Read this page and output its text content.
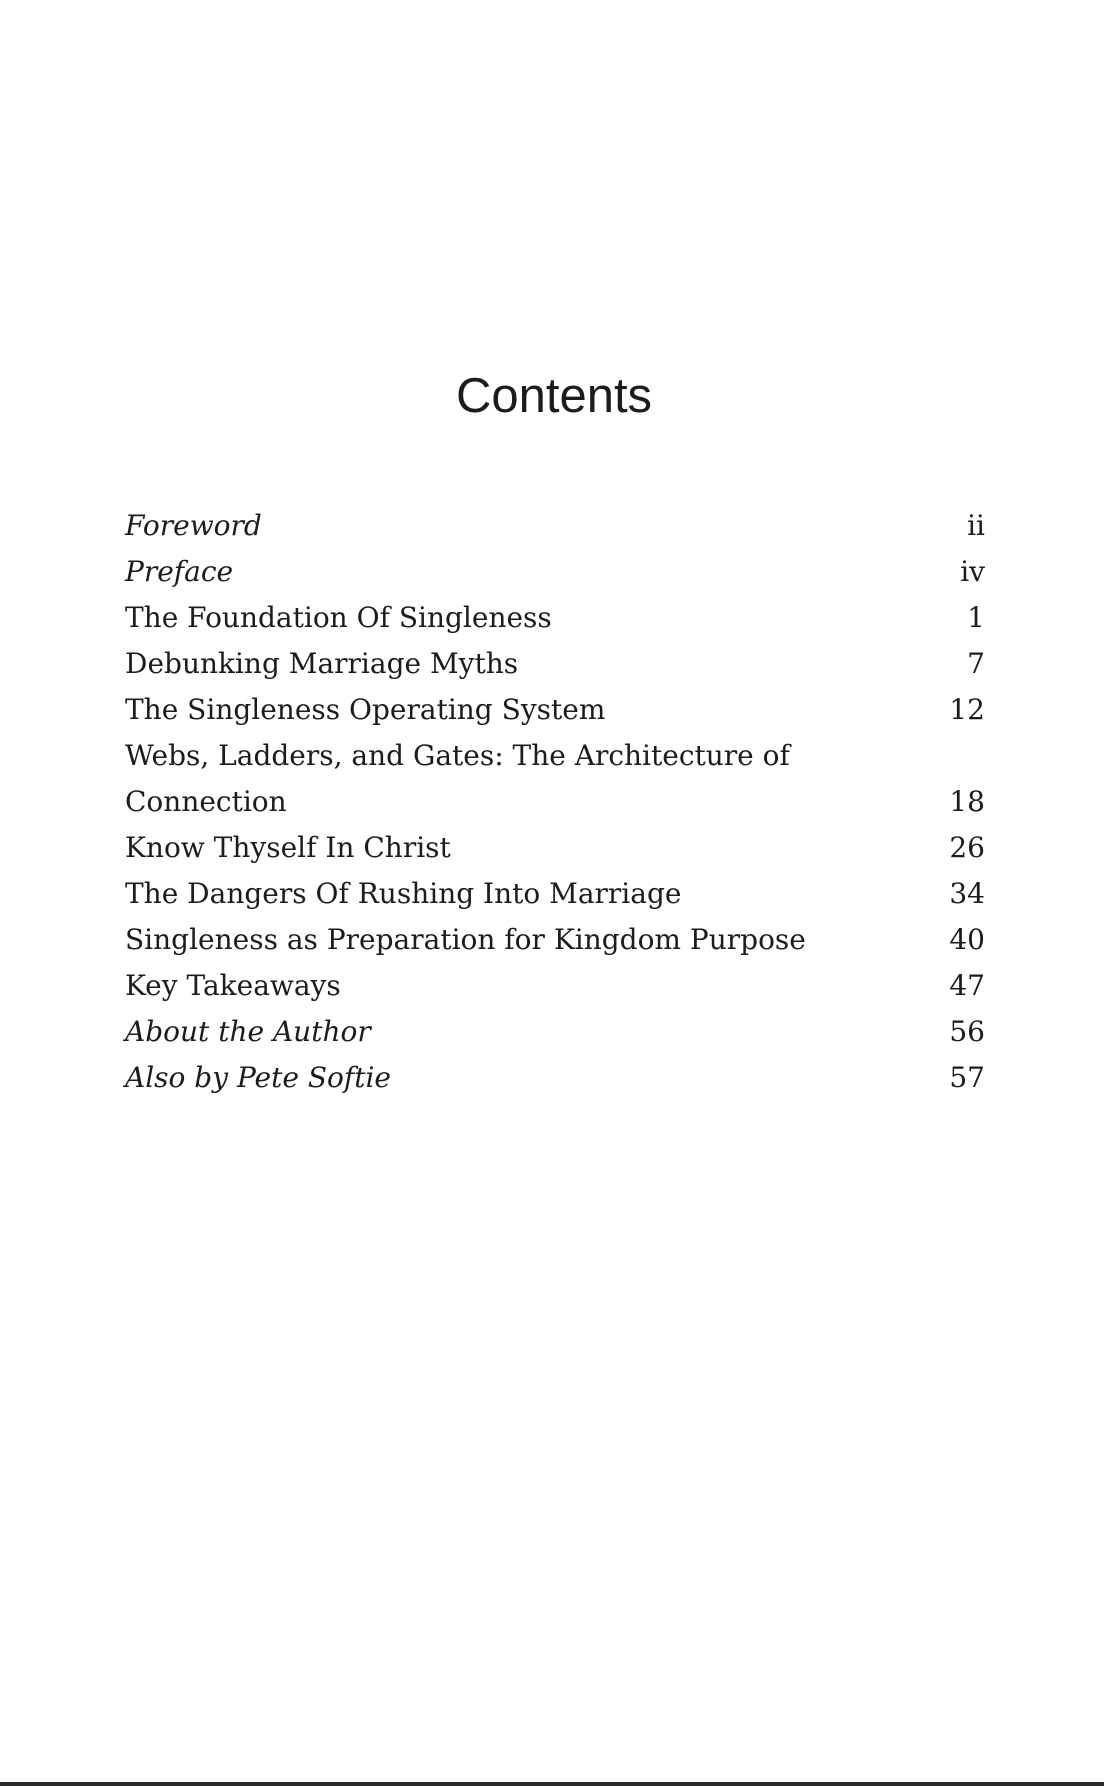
Contents
Foreword	ii
Preface	iv
The Foundation Of Singleness	1
Debunking Marriage Myths	7
The Singleness Operating System	12
Webs, Ladders, and Gates: The Architecture of Connection	18
Know Thyself In Christ	26
The Dangers Of Rushing Into Marriage	34
Singleness as Preparation for Kingdom Purpose	40
Key Takeaways	47
About the Author	56
Also by Pete Softie	57
